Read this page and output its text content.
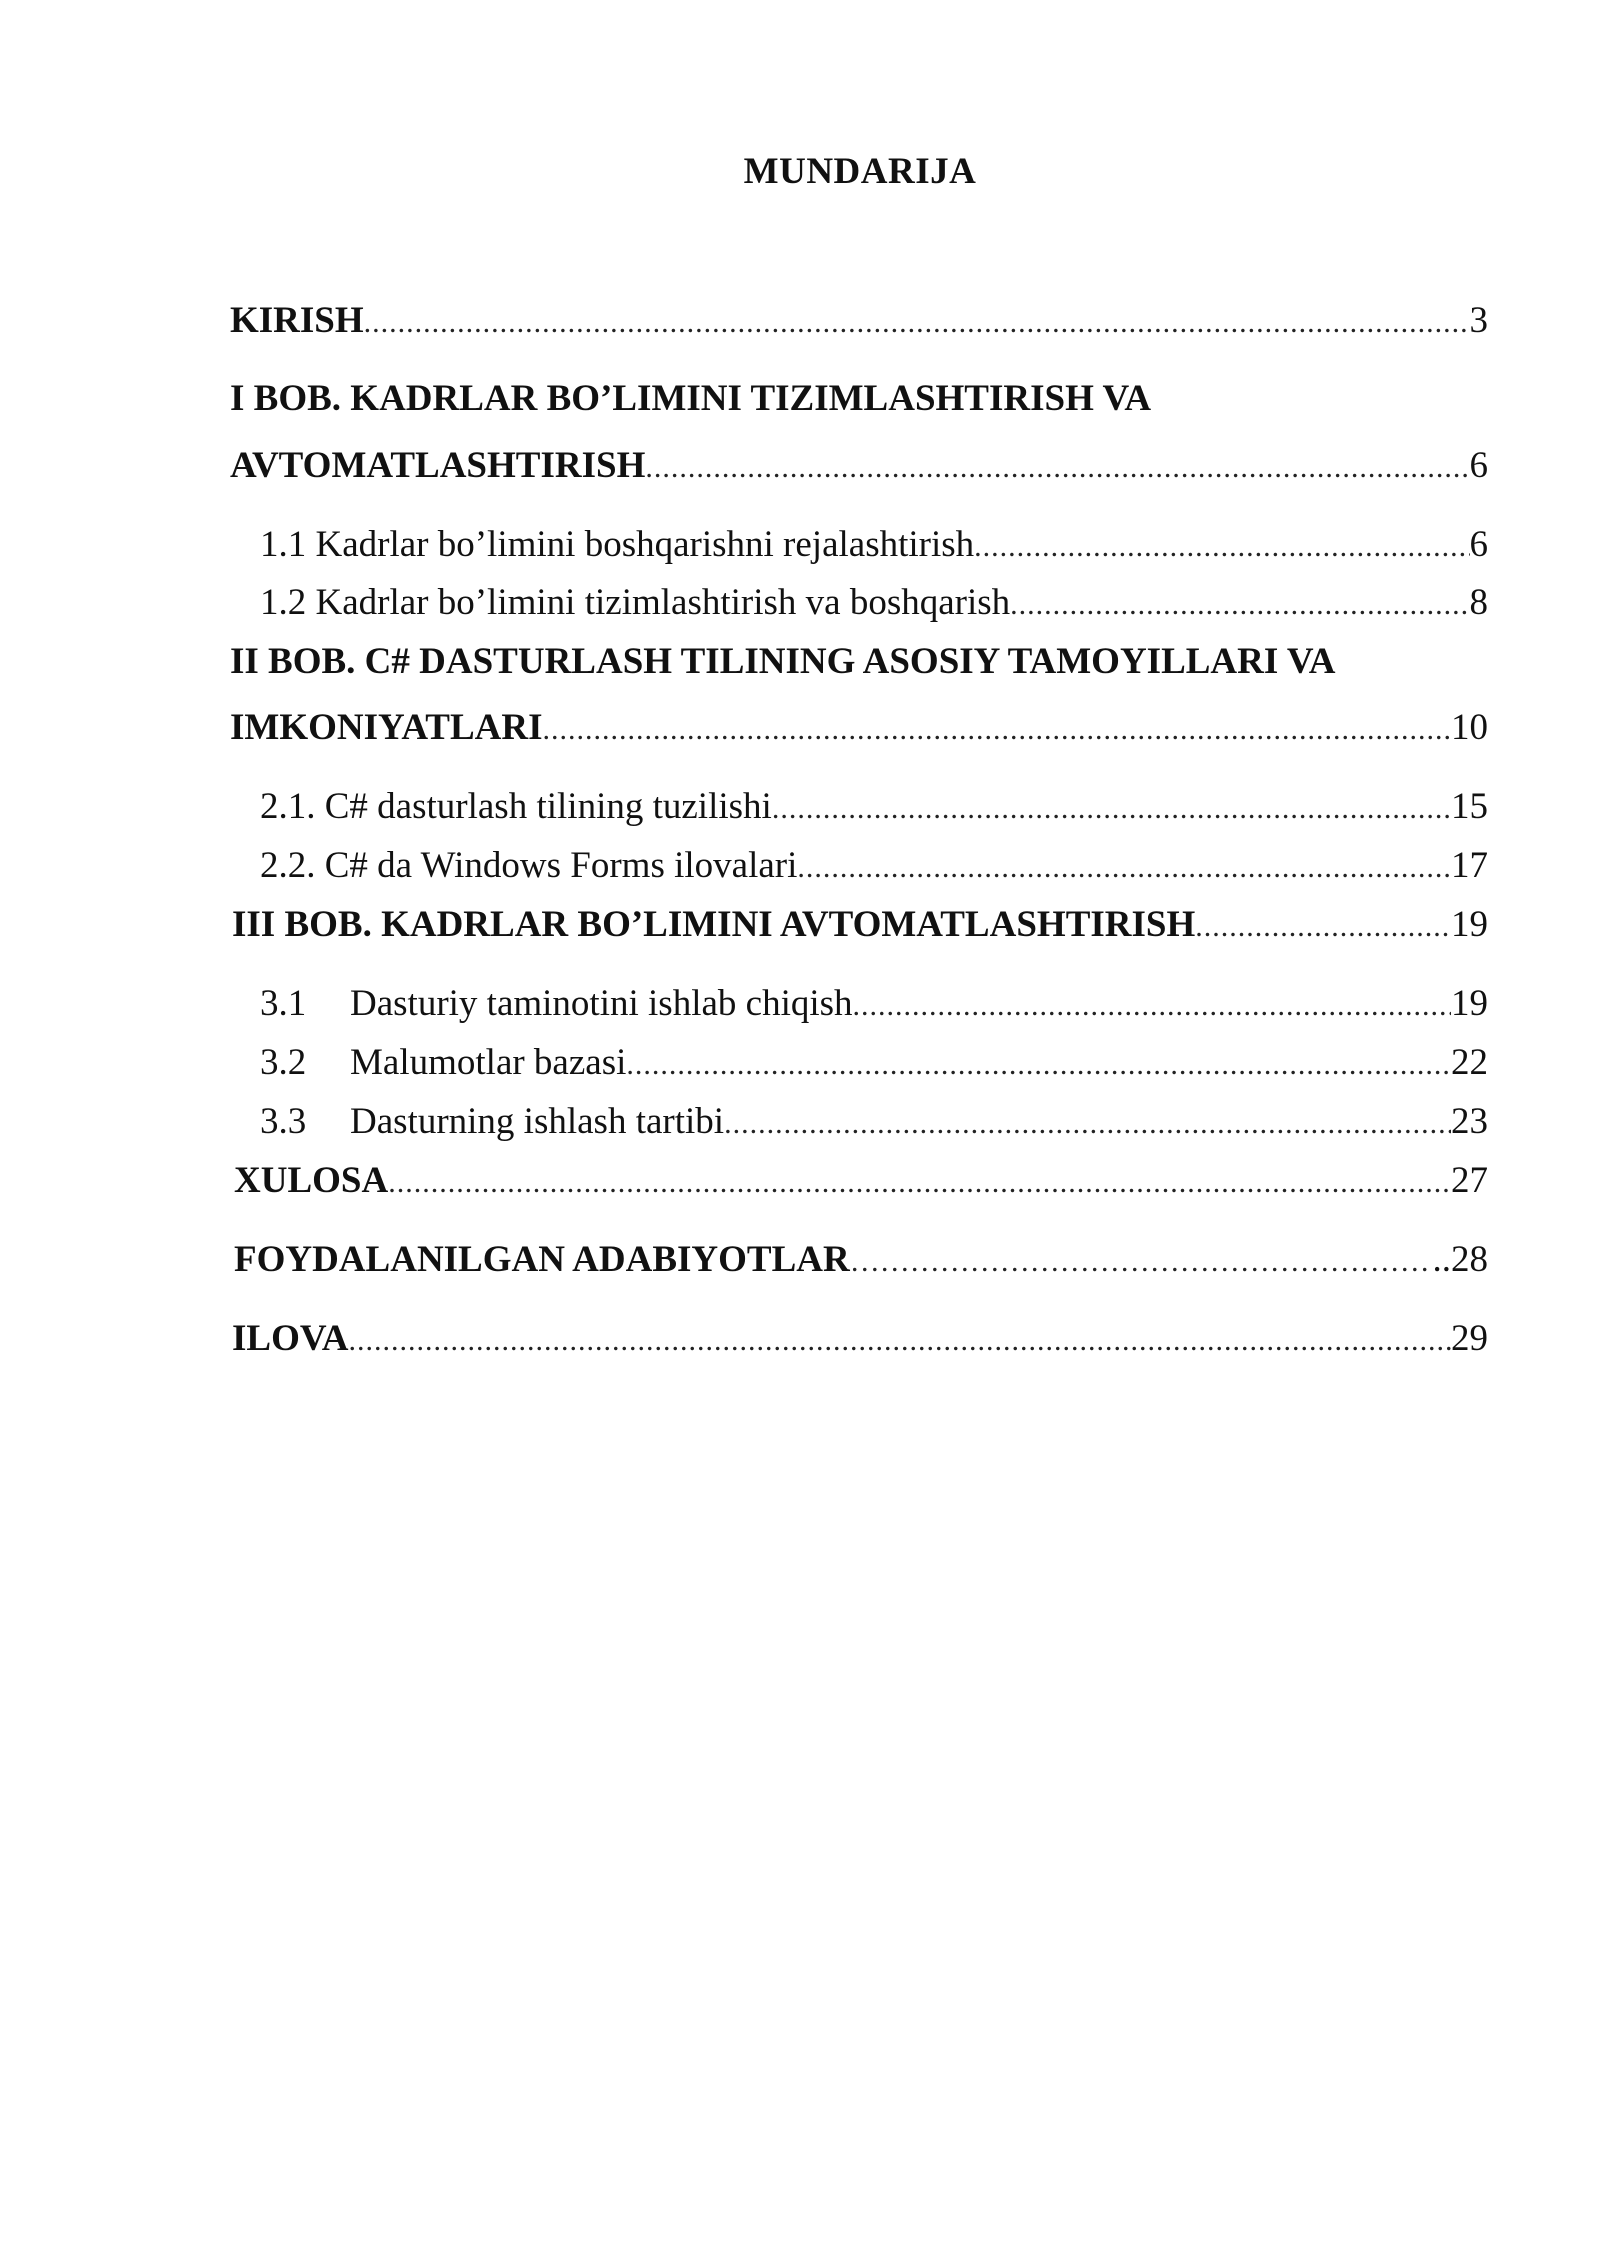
MUNDARIJA
KIRISH .....	3
I BOB. KADRLAR BO’LIMINI TIZIMLASHTIRISH VA
AVTOMATLASHTIRISH .....	6
1.1 Kadrlar bo’limini boshqarishni rejalashtirish .....	6
1.2 Kadrlar bo’limini tizimlashtirish va boshqarish .....	8
II BOB. C# DASTURLASH TILINING ASOSIY TAMOYILLARI VA
IMKONIYATLARI .....	10
2.1. C# dasturlash tilining tuzilishi .....	15
2.2. C# da Windows Forms ilovalari .....	17
III BOB. KADRLAR BO’LIMINI AVTOMATLASHTIRISH .....	19
3.1 Dasturiy taminotini ishlab chiqish .....	19
3.2 Malumotlar bazasi .....	22
3.3 Dasturning ishlash tartibi .....	23
XULOSA .....	27
FOYDALANILGAN ADABIYOTLAR ……………………………………………………………………………………………………………………………	..28
ILOVA .....	29
